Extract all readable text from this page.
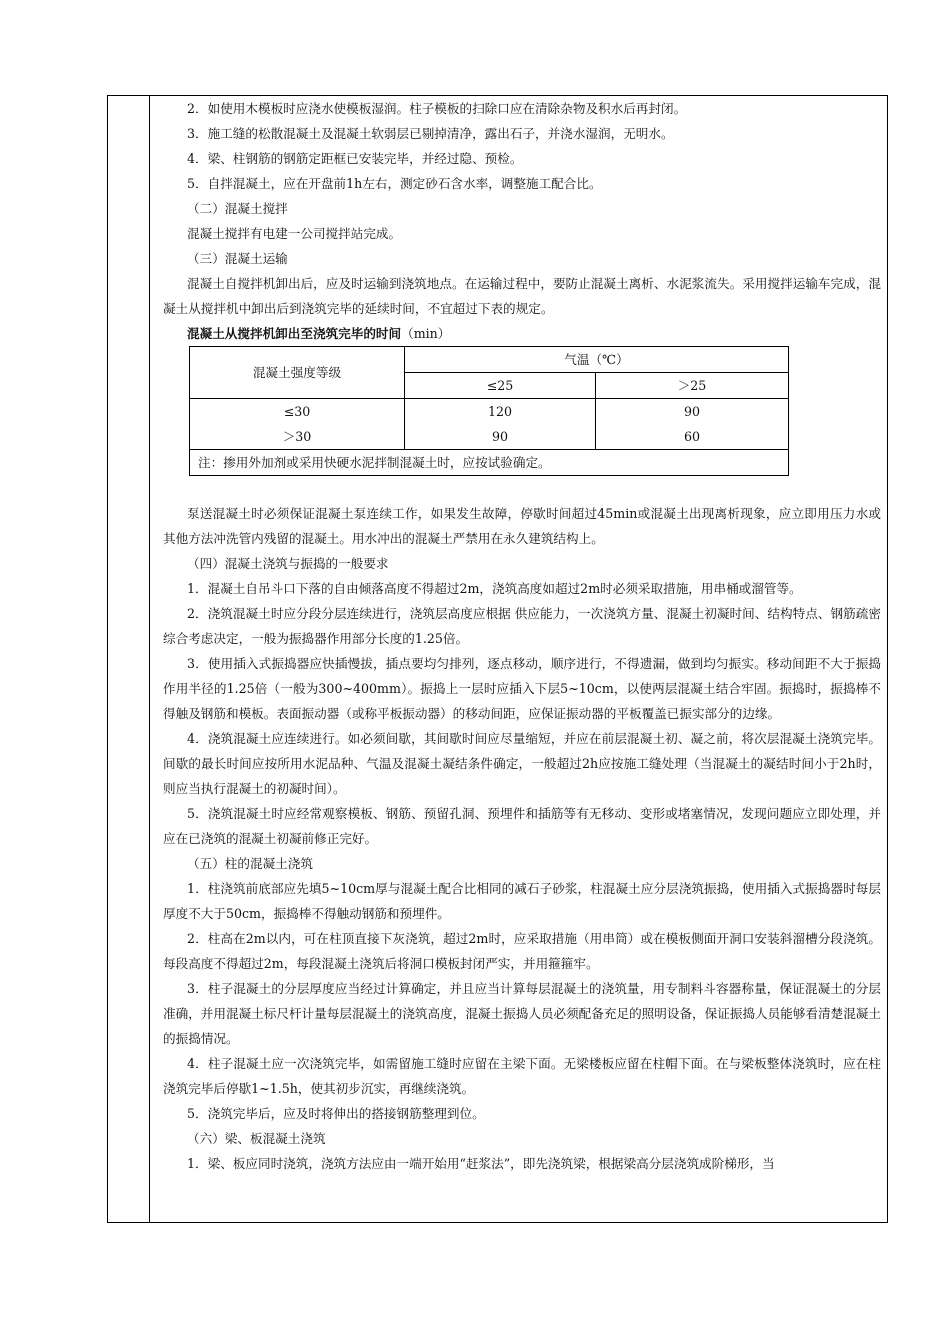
2．如使用木模板时应浇水使模板湿润。柱子模板的扫除口应在清除杂物及积水后再封闭。

3．施工缝的松散混凝土及混凝土软弱层已剔掉清净，露出石子，并浇水湿润，无明水。

4．梁、柱钢筋的钢筋定距框已安装完毕，并经过隐、预检。

5．自拌混凝土，应在开盘前1h左右，测定砂石含水率，调整施工配合比。

（二）混凝土搅拌

混凝土搅拌有电建一公司搅拌站完成。

（三）混凝土运输

混凝土自搅拌机卸出后，应及时运输到浇筑地点。在运输过程中，要防止混凝土离析、水泥浆流失。采用搅拌运输车完成，混凝土从搅拌机中卸出后到浇筑完毕的延续时间，不宜超过下表的规定。

混凝土从搅拌机卸出至浇筑完毕的时间（min）

混凝土强度等级	气温（℃）	
	≤25	＞25
≤30	120	90
＞30	90	60
注：掺用外加剂或采用快硬水泥拌制混凝土时，应按试验确定。		

泵送混凝土时必须保证混凝土泵连续工作，如果发生故障，停歇时间超过45min或混凝土出现离析现象，应立即用压力水或其他方法冲洗管内残留的混凝土。用水冲出的混凝土严禁用在永久建筑结构上。

（四）混凝土浇筑与振捣的一般要求

1．混凝土自吊斗口下落的自由倾落高度不得超过2m，浇筑高度如超过2m时必须采取措施，用串桶或溜管等。

2．浇筑混凝土时应分段分层连续进行，浇筑层高度应根据 供应能力，一次浇筑方量、混凝土初凝时间、结构特点、钢筋疏密综合考虑决定，一般为振捣器作用部分长度的1.25倍。

3．使用插入式振捣器应快插慢拔，插点要均匀排列，逐点移动，顺序进行，不得遗漏，做到均匀振实。移动间距不大于振捣作用半径的1.25倍（一般为300~400mm）。振捣上一层时应插入下层5~10cm，以使两层混凝土结合牢固。振捣时，振捣棒不得触及钢筋和模板。表面振动器（或称平板振动器）的移动间距，应保证振动器的平板覆盖已振实部分的边缘。

4．浇筑混凝土应连续进行。如必须间歇，其间歇时间应尽量缩短，并应在前层混凝土初、凝之前，将次层混凝土浇筑完毕。间歇的最长时间应按所用水泥品种、气温及混凝土凝结条件确定，一般超过2h应按施工缝处理（当混凝土的凝结时间小于2h时，则应当执行混凝土的初凝时间）。

5．浇筑混凝土时应经常观察模板、钢筋、预留孔洞、预埋件和插筋等有无移动、变形或堵塞情况，发现问题应立即处理，并应在已浇筑的混凝土初凝前修正完好。

（五）柱的混凝土浇筑

1．柱浇筑前底部应先填5~10cm厚与混凝土配合比相同的减石子砂浆，柱混凝土应分层浇筑振捣，使用插入式振捣器时每层厚度不大于50cm，振捣棒不得触动钢筋和预埋件。

2．柱高在2m以内，可在柱顶直接下灰浇筑，超过2m时，应采取措施（用串筒）或在模板侧面开洞口安装斜溜槽分段浇筑。每段高度不得超过2m，每段混凝土浇筑后将洞口模板封闭严实，并用箍箍牢。

3．柱子混凝土的分层厚度应当经过计算确定，并且应当计算每层混凝土的浇筑量，用专制料斗容器称量，保证混凝土的分层准确，并用混凝土标尺杆计量每层混凝土的浇筑高度，混凝土振捣人员必须配备充足的照明设备，保证振捣人员能够看清楚混凝土的振捣情况。

4．柱子混凝土应一次浇筑完毕，如需留施工缝时应留在主梁下面。无梁楼板应留在柱帽下面。在与梁板整体浇筑时，应在柱浇筑完毕后停歇1~1.5h，使其初步沉实，再继续浇筑。

5．浇筑完毕后，应及时将伸出的搭接钢筋整理到位。

（六）梁、板混凝土浇筑

1．梁、板应同时浇筑，浇筑方法应由一端开始用“赶浆法”，即先浇筑梁，根据梁高分层浇筑成阶梯形，当
